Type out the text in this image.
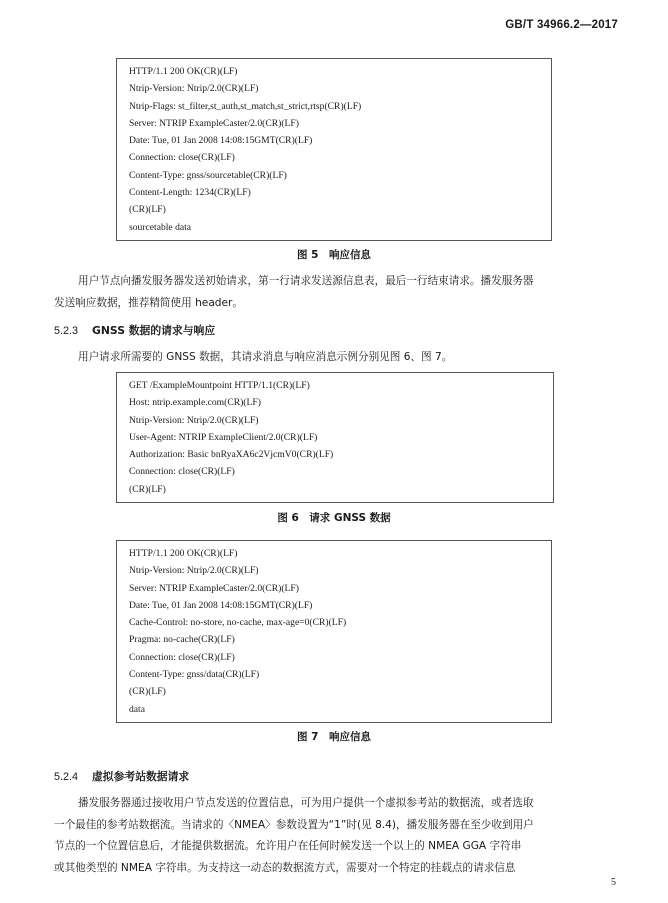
GB/T 34966.2—2017
HTTP/1.1 200 OK(CR)(LF)
Ntrip-Version: Ntrip/2.0(CR)(LF)
Ntrip-Flags: st_filter,st_auth,st_match,st_strict,rtsp(CR)(LF)
Server: NTRIP ExampleCaster/2.0(CR)(LF)
Date: Tue, 01 Jan 2008 14:08:15GMT(CR)(LF)
Connection: close(CR)(LF)
Content-Type: gnss/sourcetable(CR)(LF)
Content-Length: 1234(CR)(LF)
(CR)(LF)
sourcetable data
图 5　响应信息
用户节点向播发服务器发送初始请求，第一行请求发送源信息表，最后一行结束请求。播发服务器
发送响应数据，推荐精简使用 header。
5.2.3 GNSS 数据的请求与响应
用户请求所需要的 GNSS 数据，其请求消息与响应消息示例分别见图 6、图 7。
GET /ExampleMountpoint HTTP/1.1(CR)(LF)
Host: ntrip.example.com(CR)(LF)
Ntrip-Version: Ntrip/2.0(CR)(LF)
User-Agent: NTRIP ExampleClient/2.0(CR)(LF)
Authorization: Basic bnRyaXA6c2VjcmV0(CR)(LF)
Connection: close(CR)(LF)
(CR)(LF)
图 6　请求 GNSS 数据
HTTP/1.1 200 OK(CR)(LF)
Ntrip-Version: Ntrip/2.0(CR)(LF)
Server: NTRIP ExampleCaster/2.0(CR)(LF)
Date: Tue, 01 Jan 2008 14:08:15GMT(CR)(LF)
Cache-Control: no-store, no-cache, max-age=0(CR)(LF)
Pragma: no-cache(CR)(LF)
Connection: close(CR)(LF)
Content-Type: gnss/data(CR)(LF)
(CR)(LF)
data
图 7　响应信息
5.2.4 虚拟参考站数据请求
播发服务器通过接收用户节点发送的位置信息，可为用户提供一个虚拟参考站的数据流，或者选取
一个最佳的参考站数据流。当请求的〈NMEA〉参数设置为“1”时(见 8.4)，播发服务器在至少收到用户
节点的一个位置信息后，才能提供数据流。允许用户在任何时候发送一个以上的 NMEA GGA 字符串
或其他类型的 NMEA 字符串。为支持这一动态的数据流方式，需要对一个特定的挂载点的请求信息
5
